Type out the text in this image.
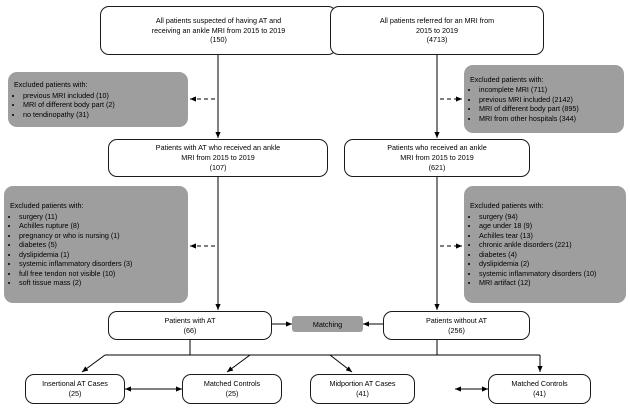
All patients suspected of having AT and
receiving an ankle MRI from 2015 to 2019
(150)
All patients referred for an MRI from
2015 to 2019
(4713)
Excluded patients with:
• previous MRI included (10)
• MRI of different body part (2)
• no tendinopathy (31)
Excluded patients with:
• incomplete MRI (711)
• previous MRI included (2142)
• MRI of different body part (895)
• MRI from other hospitals (344)
Patients with AT who received an ankle
MRI from 2015 to 2019
(107)
Patients who received an ankle
MRI from 2015 to 2019
(621)
Excluded patients with:
• surgery (11)
• Achilles rupture (8)
• pregnancy or who is nursing (1)
• diabetes (5)
• dyslipidemia (1)
• systemic inflammatory disorders (3)
• full free tendon not visible (10)
• soft tissue mass (2)
Excluded patients with:
• surgery (94)
• age under 18 (9)
• Achilles tear (13)
• chronic ankle disorders (221)
• diabetes (4)
• dyslipidemia (2)
• systemic inflammatory disorders (10)
• MRI artifact (12)
Patients with AT
(66)
Matching	Patients without AT
(256)
Insertional AT Cases
(25)
Matched Controls
(25)
Midportion AT Cases
(41)
Matched Controls
(41)
